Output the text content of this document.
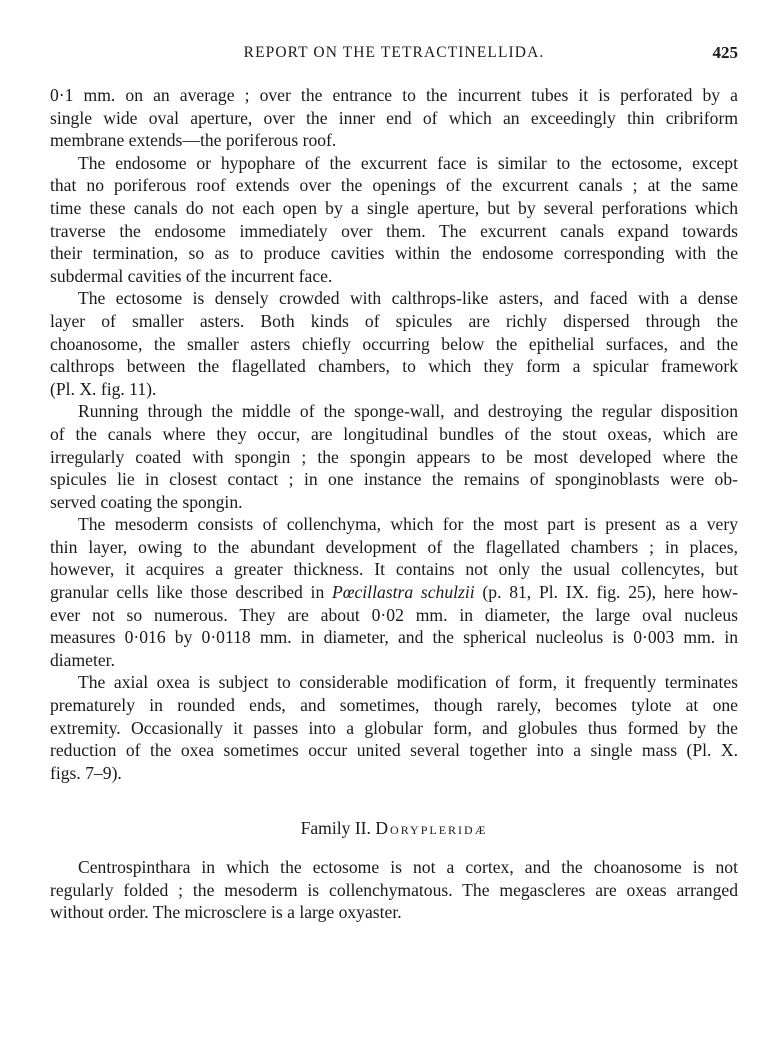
REPORT ON THE TETRACTINELLIDA.	425
0·1 mm. on an average ; over the entrance to the incurrent tubes it is perforated by a
single wide oval aperture, over the inner end of which an exceedingly thin cribriform
membrane extends—the poriferous roof.
The endosome or hypophare of the excurrent face is similar to the ectosome, except
that no poriferous roof extends over the openings of the excurrent canals ; at the same
time these canals do not each open by a single aperture, but by several perforations which
traverse the endosome immediately over them. The excurrent canals expand towards
their termination, so as to produce cavities within the endosome corresponding with the
subdermal cavities of the incurrent face.
The ectosome is densely crowded with calthrops-like asters, and faced with a dense
layer of smaller asters. Both kinds of spicules are richly dispersed through the
choanosome, the smaller asters chiefly occurring below the epithelial surfaces, and the
calthrops between the flagellated chambers, to which they form a spicular framework
(Pl. X. fig. 11).
Running through the middle of the sponge-wall, and destroying the regular disposition
of the canals where they occur, are longitudinal bundles of the stout oxeas, which are
irregularly coated with spongin ; the spongin appears to be most developed where the
spicules lie in closest contact ; in one instance the remains of sponginoblasts were ob-
served coating the spongin.
The mesoderm consists of collenchyma, which for the most part is present as a very
thin layer, owing to the abundant development of the flagellated chambers ; in places,
however, it acquires a greater thickness. It contains not only the usual collencytes, but
granular cells like those described in Pœcillastra schulzii (p. 81, Pl. IX. fig. 25), here how-
ever not so numerous. They are about 0·02 mm. in diameter, the large oval nucleus
measures 0·016 by 0·0118 mm. in diameter, and the spherical nucleolus is 0·003 mm. in
diameter.
The axial oxea is subject to considerable modification of form, it frequently terminates
prematurely in rounded ends, and sometimes, though rarely, becomes tylote at one
extremity. Occasionally it passes into a globular form, and globules thus formed by the
reduction of the oxea sometimes occur united several together into a single mass (Pl. X.
figs. 7–9).
Family II. Dorypleridæ
Centrospinthara in which the ectosome is not a cortex, and the choanosome is not
regularly folded ; the mesoderm is collenchymatous. The megascleres are oxeas arranged
without order. The microsclere is a large oxyaster.
